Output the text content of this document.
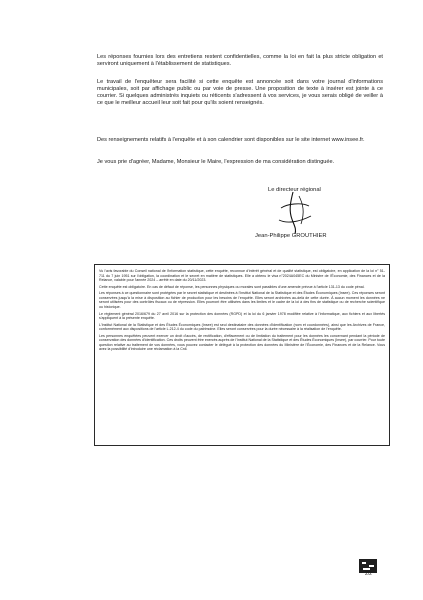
Les réponses fournies lors des entretiens restent confidentielles, comme la loi en fait la plus stricte obligation et serviront uniquement à l'établissement de statistiques.

Le travail de l'enquêteur sera facilité si cette enquête est annoncée soit dans votre journal d'informations municipales, soit par affichage public ou par voie de presse. Une proposition de texte à insérer est jointe à ce courrier. Si quelques administrés inquiets ou réticents s'adressent à vos services, je vous serais obligé de veiller à ce que le meilleur accueil leur soit fait pour qu'ils soient renseignés.

Des renseignements relatifs à l'enquête et à son calendrier sont disponibles sur le site internet www.insee.fr.

Je vous prie d'agréer, Madame, Monsieur le Maire, l'expression de ma considération distinguée.

Le directeur régional
Jean-Philippe GROUTHIER

Vu l'avis favorable du Conseil national de l'information statistique, cette enquête, reconnue d'intérêt général et de qualité statistique, est obligatoire, en application de la loi n° 51-711 du 7 juin 1951 sur l'obligation, la coordination et le secret en matière de statistiques. Elle a obtenu le visa n°2024A045EC du Ministre de l'Économie, des Finances et de la Relance, valable pour l'année 2024 – arrêté en date du 20/11/2023.

Cette enquête est obligatoire. En cas de défaut de réponse, les personnes physiques ou morales sont passibles d'une amende prévue à l'article 131-13 du code pénal.

Les réponses à ce questionnaire sont protégées par le secret statistique et destinées à l'Institut National de la Statistique et des Études Économiques (Insee). Ces réponses seront conservées jusqu'à la mise à disposition au fichier de production pour les besoins de l'enquête. Elles seront archivées au-delà de cette durée. À aucun moment les données ne seront utilisées pour des contrôles fiscaux ou de répression. Elles pourront être utilisées dans les limites et le cadre de la loi à des fins de statistique ou de recherche scientifique ou historique.

Le règlement général 2016/679 du 27 avril 2016 sur la protection des données (RGPD) et la loi du 6 janvier 1978 modifiée relative à l'informatique, aux fichiers et aux libertés s'appliquent à la présente enquête.

L'Institut National de la Statistique et des Études Économiques (Insee) est seul destinataire des données d'identification (nom et coordonnées), ainsi que les Archives de France, conformément aux dispositions de l'article L.212-4 du code du patrimoine. Elles seront conservées pour la durée nécessaire à la réalisation de l'enquête.

Les personnes enquêtées peuvent exercer un droit d'accès, de rectification, d'effacement ou de limitation du traitement pour les données les concernant pendant la période de conservation des données d'identification. Ces droits peuvent être exercés auprès de l'Institut National de la Statistique et des Études Économiques (Insee), par courrier. Pour toute question relative au traitement de vos données, vous pouvez contacter le délégué à la protection des données du Ministère de l'Économie, des Finances et de la Relance. Vous avez la possibilité d'introduire une réclamation à la Cnil.

2/2
